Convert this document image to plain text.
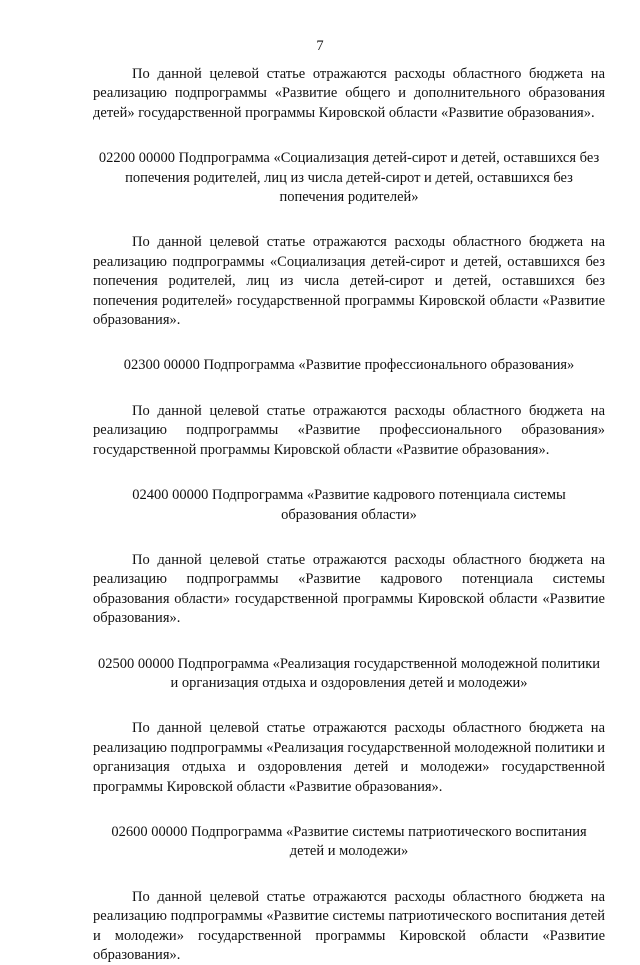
7

По данной целевой статье отражаются расходы областного бюджета на реализацию подпрограммы «Развитие общего и дополнительного образования детей» государственной программы Кировской области «Развитие образования».

02200 00000 Подпрограмма «Социализация детей-сирот и детей, оставшихся без попечения родителей, лиц из числа детей-сирот и детей, оставшихся без попечения родителей»

По данной целевой статье отражаются расходы областного бюджета на реализацию подпрограммы «Социализация детей-сирот и детей, оставшихся без попечения родителей, лиц из числа детей-сирот и детей, оставшихся без попечения родителей» государственной программы Кировской области «Развитие образования».

02300 00000 Подпрограмма «Развитие профессионального образования»

По данной целевой статье отражаются расходы областного бюджета на реализацию подпрограммы «Развитие профессионального образования» государственной программы Кировской области «Развитие образования».

02400 00000 Подпрограмма «Развитие кадрового потенциала системы образования области»

По данной целевой статье отражаются расходы областного бюджета на реализацию подпрограммы «Развитие кадрового потенциала системы образования области» государственной программы Кировской области «Развитие образования».

02500 00000 Подпрограмма «Реализация государственной молодежной политики и организация отдыха и оздоровления детей и молодежи»

По данной целевой статье отражаются расходы областного бюджета на реализацию подпрограммы «Реализация государственной молодежной политики и организация отдыха и оздоровления детей и молодежи» государственной программы Кировской области «Развитие образования».

02600 00000 Подпрограмма «Развитие системы патриотического воспитания детей и молодежи»

По данной целевой статье отражаются расходы областного бюджета на реализацию подпрограммы «Развитие системы патриотического воспитания детей и молодежи» государственной программы Кировской области «Развитие образования».
